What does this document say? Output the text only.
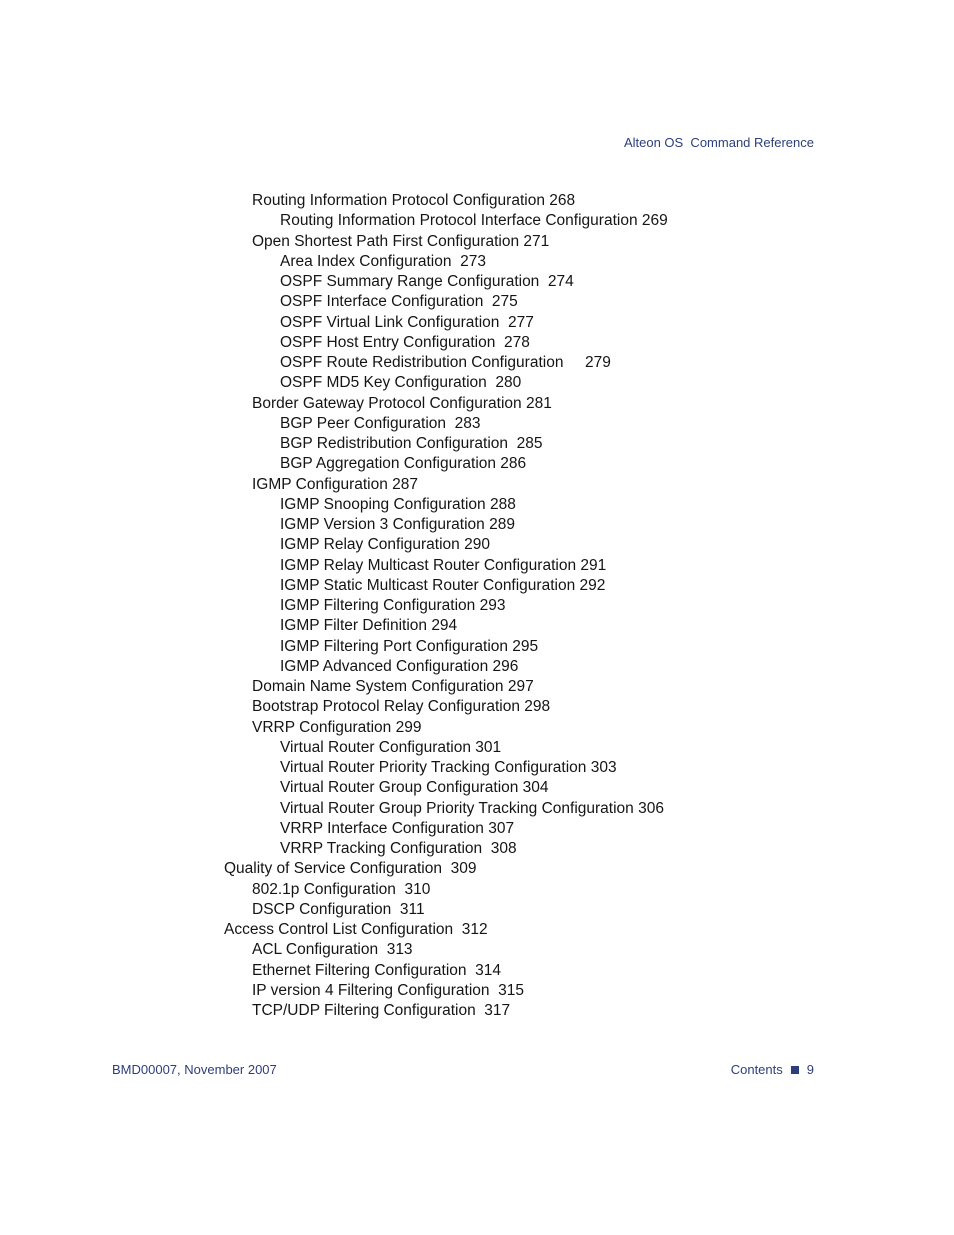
Alteon OS  Command Reference
Routing Information Protocol Configuration 268
Routing Information Protocol Interface Configuration 269
Open Shortest Path First Configuration 271
Area Index Configuration  273
OSPF Summary Range Configuration  274
OSPF Interface Configuration  275
OSPF Virtual Link Configuration  277
OSPF Host Entry Configuration  278
OSPF Route Redistribution Configuration     279
OSPF MD5 Key Configuration  280
Border Gateway Protocol Configuration 281
BGP Peer Configuration  283
BGP Redistribution Configuration  285
BGP Aggregation Configuration 286
IGMP Configuration 287
IGMP Snooping Configuration 288
IGMP Version 3 Configuration 289
IGMP Relay Configuration 290
IGMP Relay Multicast Router Configuration 291
IGMP Static Multicast Router Configuration 292
IGMP Filtering Configuration 293
IGMP Filter Definition 294
IGMP Filtering Port Configuration 295
IGMP Advanced Configuration 296
Domain Name System Configuration 297
Bootstrap Protocol Relay Configuration 298
VRRP Configuration 299
Virtual Router Configuration 301
Virtual Router Priority Tracking Configuration 303
Virtual Router Group Configuration 304
Virtual Router Group Priority Tracking Configuration 306
VRRP Interface Configuration 307
VRRP Tracking Configuration  308
Quality of Service Configuration  309
802.1p Configuration  310
DSCP Configuration  311
Access Control List Configuration  312
ACL Configuration  313
Ethernet Filtering Configuration  314
IP version 4 Filtering Configuration  315
TCP/UDP Filtering Configuration  317
BMD00007, November 2007	Contents 9
